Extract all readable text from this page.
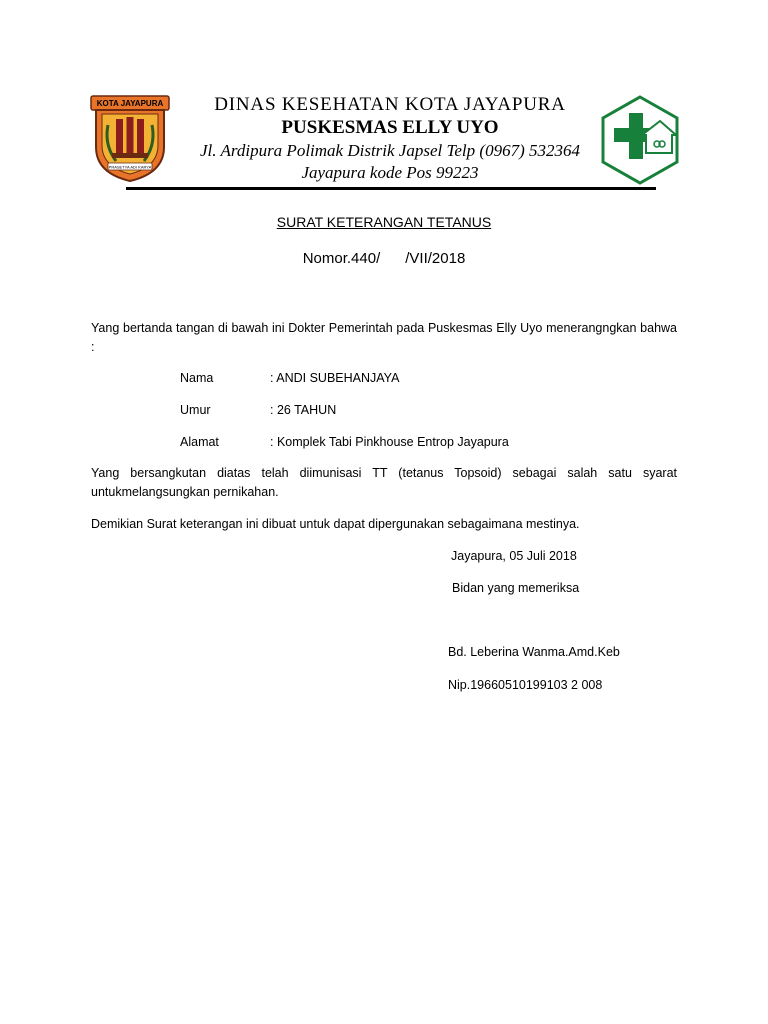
KOTA JAYAPURA
PRASETYA ADI KARYA
DINAS KESEHATAN KOTA JAYAPURA
PUSKESMAS ELLY UYO
Jl. Ardipura Polimak Distrik Japsel Telp (0967) 532364
Jayapura kode Pos 99223
SURAT KETERANGAN TETANUS
Nomor.440/      /VII/2018
Yang bertanda tangan di bawah ini Dokter Pemerintah pada Puskesmas Elly Uyo menerangngkan bahwa :
Nama	: ANDI SUBEHANJAYA
Umur	: 26 TAHUN
Alamat	: Komplek Tabi Pinkhouse Entrop Jayapura
Yang bersangkutan diatas telah diimunisasi TT (tetanus Topsoid) sebagai salah satu syarat untukmelangsungkan pernikahan.
Demikian Surat keterangan ini dibuat untuk dapat dipergunakan sebagaimana mestinya.
Jayapura, 05 Juli 2018
Bidan yang memeriksa
Bd. Leberina Wanma.Amd.Keb
Nip.19660510199103 2 008
